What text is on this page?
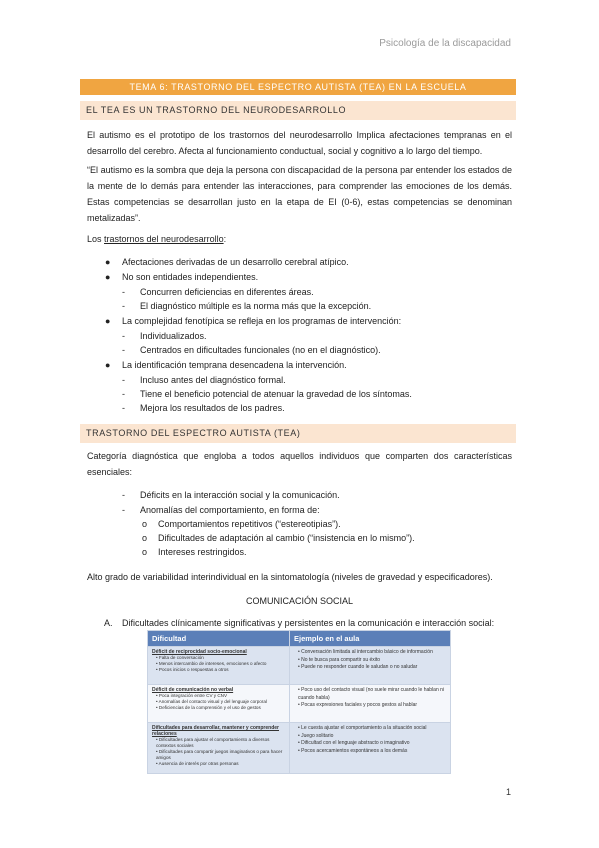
Psicología de la discapacidad
TEMA 6: TRASTORNO DEL ESPECTRO AUTISTA (TEA) EN LA ESCUELA
EL TEA ES UN TRASTORNO DEL NEURODESARROLLO

El autismo es el prototipo de los trastornos del neurodesarrollo Implica afectaciones tempranas en el desarrollo del cerebro. Afecta al funcionamiento conductual, social y cognitivo a lo largo del tiempo.

“El autismo es la sombra que deja la persona con discapacidad de la persona par entender los estados de la mente de lo demás para entender las interacciones, para comprender las emociones de los demás. Estas competencias se desarrollan justo en la etapa de EI (0-6), estas competencias se denominan metalizadas”.

Los trastornos del neurodesarrollo:
● Afectaciones derivadas de un desarrollo cerebral atípico.
● No son entidades independientes.
- Concurren deficiencias en diferentes áreas.
- El diagnóstico múltiple es la norma más que la excepción.
● La complejidad fenotípica se refleja en los programas de intervención:
- Individualizados.
- Centrados en dificultades funcionales (no en el diagnóstico).
● La identificación temprana desencadena la intervención.
- Incluso antes del diagnóstico formal.
- Tiene el beneficio potencial de atenuar la gravedad de los síntomas.
- Mejora los resultados de los padres.
TRASTORNO DEL ESPECTRO AUTISTA (TEA)

Categoría diagnóstica que engloba a todos aquellos individuos que comparten dos características esenciales:

- Déficits en la interacción social y la comunicación.
- Anomalías del comportamiento, en forma de:
o Comportamientos repetitivos (“estereotipias”).
o Dificultades de adaptación al cambio (“insistencia en lo mismo”).
o Intereses restringidos.
Alto grado de variabilidad interindividual en la sintomatología (niveles de gravedad y especificadores).
COMUNICACIÓN SOCIAL
A. Dificultades clínicamente significativas y persistentes en la comunicación e interacción social:
Dificultad	Ejemplo en el aula
Déficit de reciprocidad socio-emocional
• Falta de conversación
• Menos intercambio de intereses, emociones o afecto
• Pocos inicios o respuestas a otros
• Conversación limitada al intercambio básico de información
• No te busca para compartir su éxito
• Puede no responder cuando le saludan o no saludar
Déficit de comunicación no verbal
• Poca integración entre CV y CNV
• Anomalías del contacto visual y del lenguaje corporal
• Deficiencias de la comprensión y el uso de gestos
• Poco uso del contacto visual (no suele mirar cuando le hablan ni cuando habla)
• Pocas expresiones faciales y pocos gestos al hablar
Dificultades para desarrollar, mantener y comprender relaciones
• Dificultades para ajustar el comportamiento a diversos contextos sociales
• Dificultades para compartir juegos imaginativos o para hacer amigos
• Ausencia de interés por otras personas
• Le cuesta ajustar el comportamiento a la situación social
• Juego solitario
• Dificultad con el lenguaje abstracto o imaginativo
• Pocos acercamientos espontáneos a los demás
1
